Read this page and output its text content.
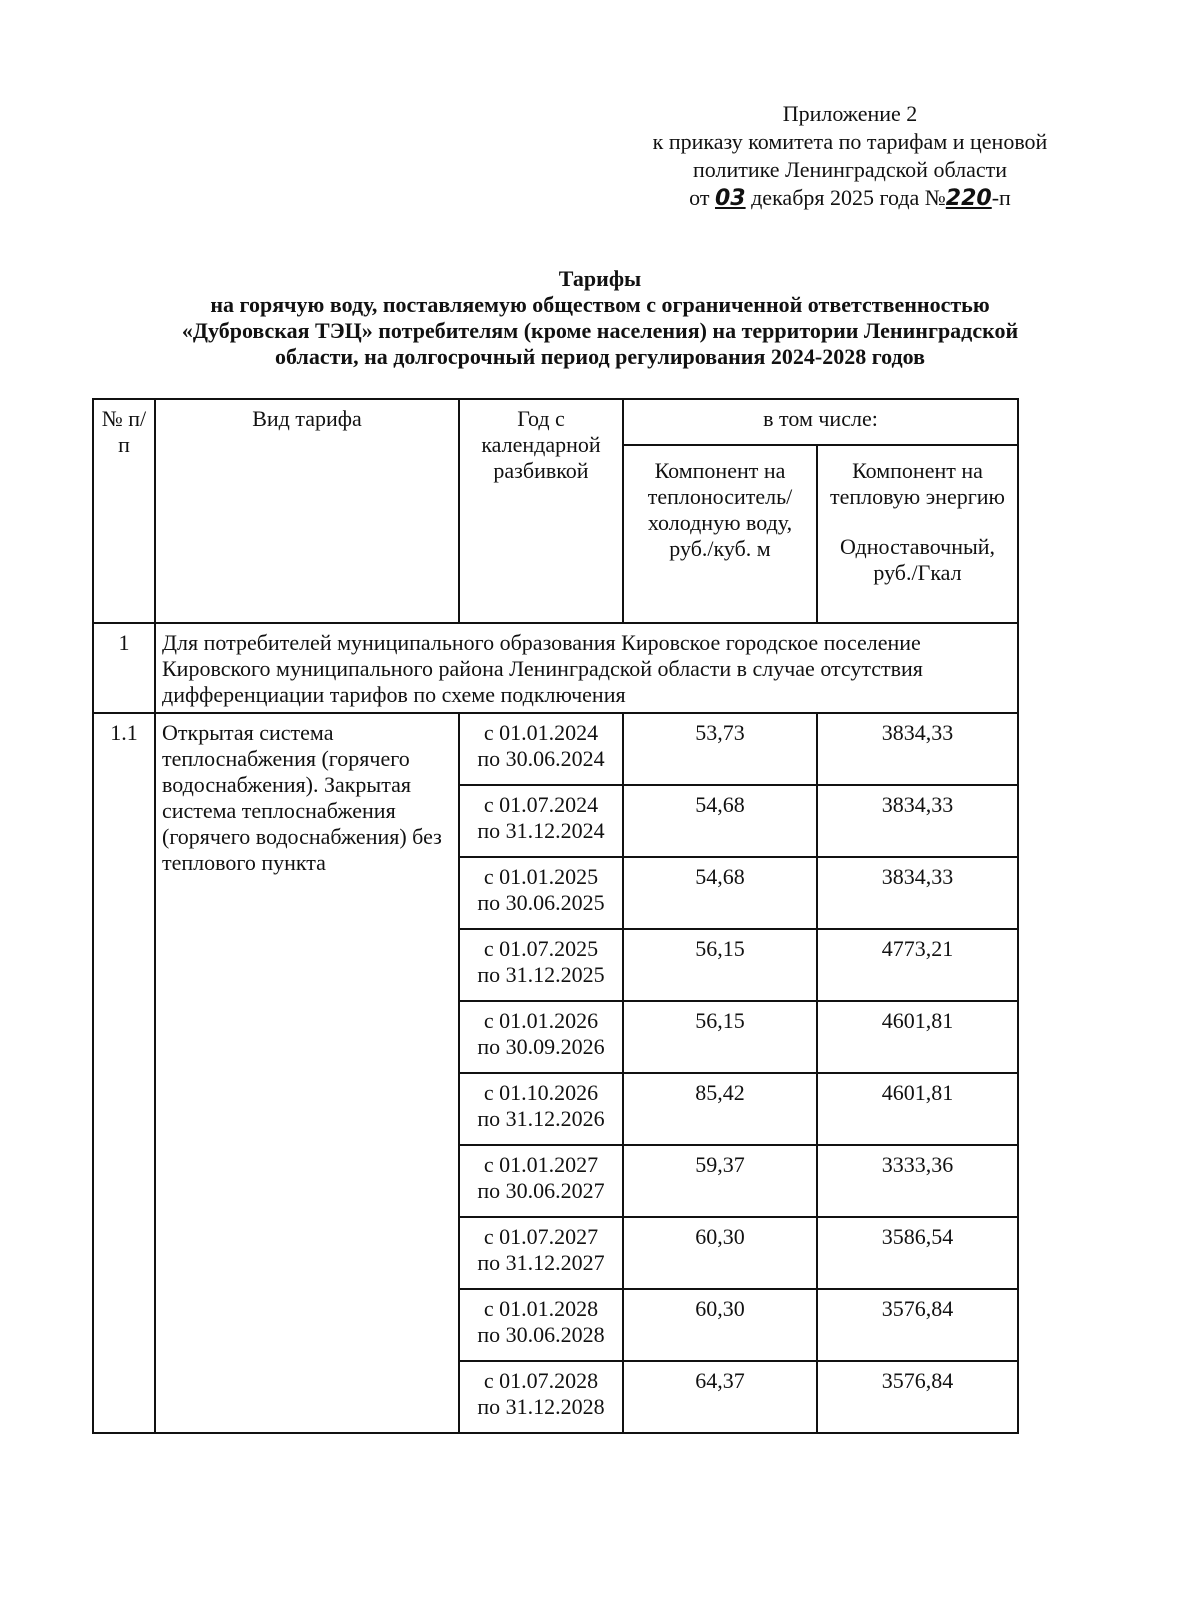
Приложение 2
к приказу комитета по тарифам и ценовой
политике Ленинградской области
от 03 декабря 2025 года №220-п
Тарифы
на горячую воду, поставляемую обществом с ограниченной ответственностью
«Дубровская ТЭЦ» потребителям (кроме населения) на территории Ленинградской
области, на долгосрочный период регулирования 2024-2028 годов
№ п/п	Вид тарифа	Год с календарной разбивкой	в том числе:	
			Компонент на теплоноситель/ холодную воду, руб./куб. м	Компонент на тепловую энергию
Одноставочный, руб./Гкал

1	Для потребителей муниципального образования Кировское городское поселение Кировского муниципального района Ленинградской области в случае отсутствия дифференциации тарифов по схеме подключения			
1.1	Открытая система теплоснабжения (горячего водоснабжения). Закрытая система теплоснабжения (горячего водоснабжения) без теплового пункта	с 01.01.2024
по 30.06.2024	53,73	3834,33

		с 01.07.2024
по 31.12.2024	54,68	3834,33

		с 01.01.2025
по 30.06.2025	54,68	3834,33

		с 01.07.2025
по 31.12.2025	56,15	4773,21

		с 01.01.2026
по 30.09.2026	56,15	4601,81

		с 01.10.2026
по 31.12.2026	85,42	4601,81

		с 01.01.2027
по 30.06.2027	59,37	3333,36

		с 01.07.2027
по 31.12.2027	60,30	3586,54

		с 01.01.2028
по 30.06.2028	60,30	3576,84

		с 01.07.2028
по 31.12.2028	64,37	3576,84
